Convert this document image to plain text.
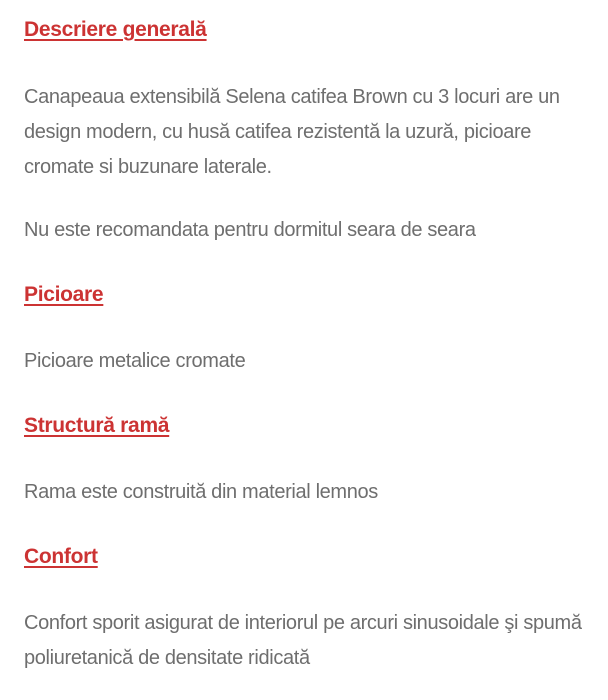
Descriere generală

Canapeaua extensibilă Selena catifea Brown cu 3 locuri are un design modern, cu husă catifea rezistentă la uzură, picioare cromate si buzunare laterale.

Nu este recomandata pentru dormitul seara de seara

Picioare

Picioare metalice cromate

Structură ramă

Rama este construită din material lemnos

Confort

Confort sporit asigurat de interiorul pe arcuri sinusoidale şi spumă poliuretanică de densitate ridicată
